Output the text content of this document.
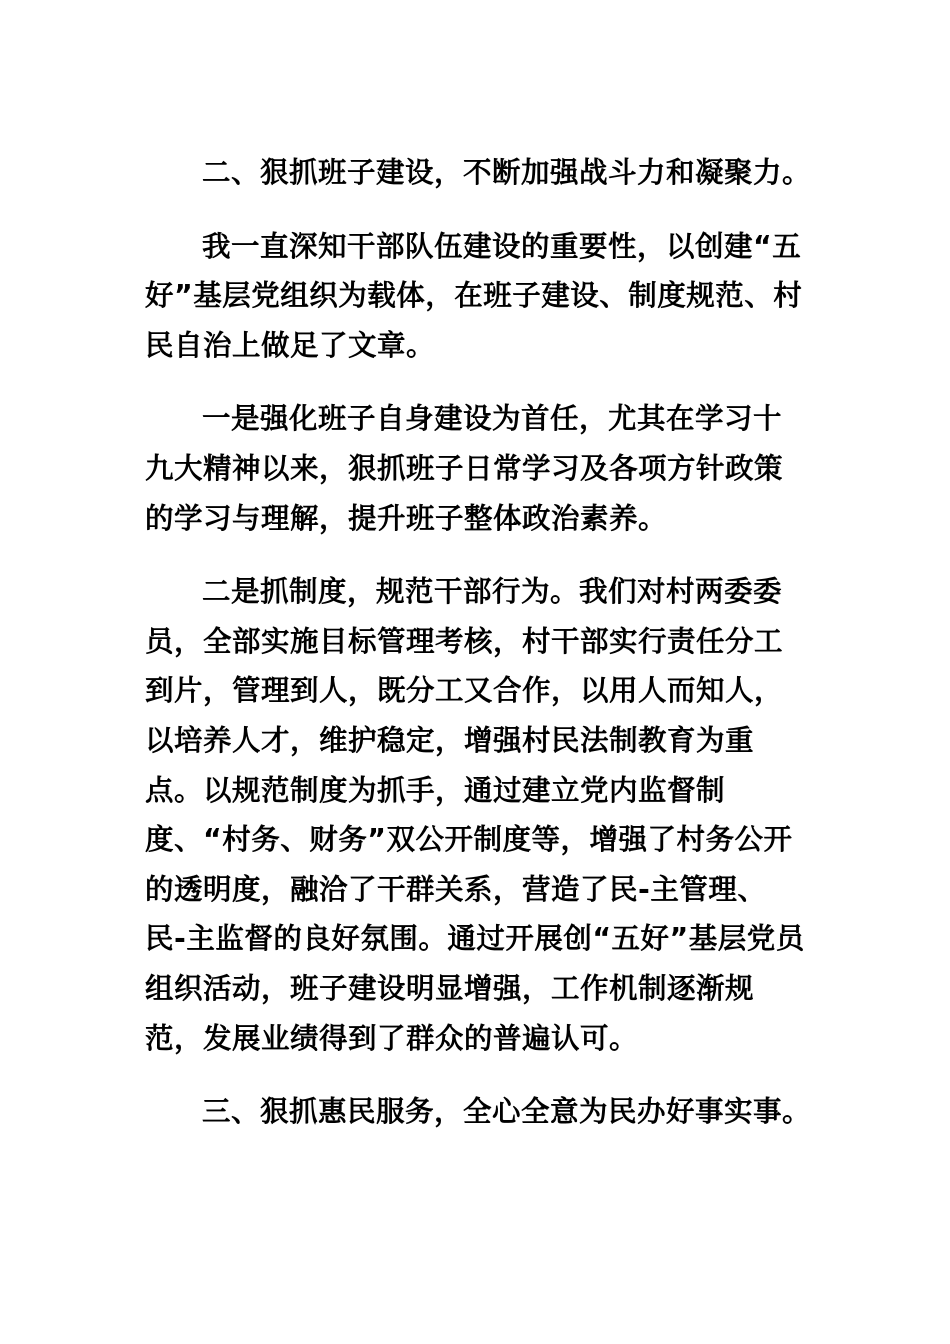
二、狠抓班子建设，不断加强战斗力和凝聚力。

我一直深知干部队伍建设的重要性，以创建“五好”基层党组织为载体，在班子建设、制度规范、村民自治上做足了文章。

一是强化班子自身建设为首任，尤其在学习十九大精神以来，狠抓班子日常学习及各项方针政策的学习与理解，提升班子整体政治素养。

二是抓制度，规范干部行为。我们对村两委委员，全部实施目标管理考核，村干部实行责任分工到片，管理到人，既分工又合作，以用人而知人，以培养人才，维护稳定，增强村民法制教育为重点。以规范制度为抓手，通过建立党内监督制度、“村务、财务”双公开制度等，增强了村务公开的透明度，融洽了干群关系，营造了民-主管理、民-主监督的良好氛围。通过开展创“五好”基层党员组织活动，班子建设明显增强，工作机制逐渐规范，发展业绩得到了群众的普遍认可。

三、狠抓惠民服务，全心全意为民办好事实事。
